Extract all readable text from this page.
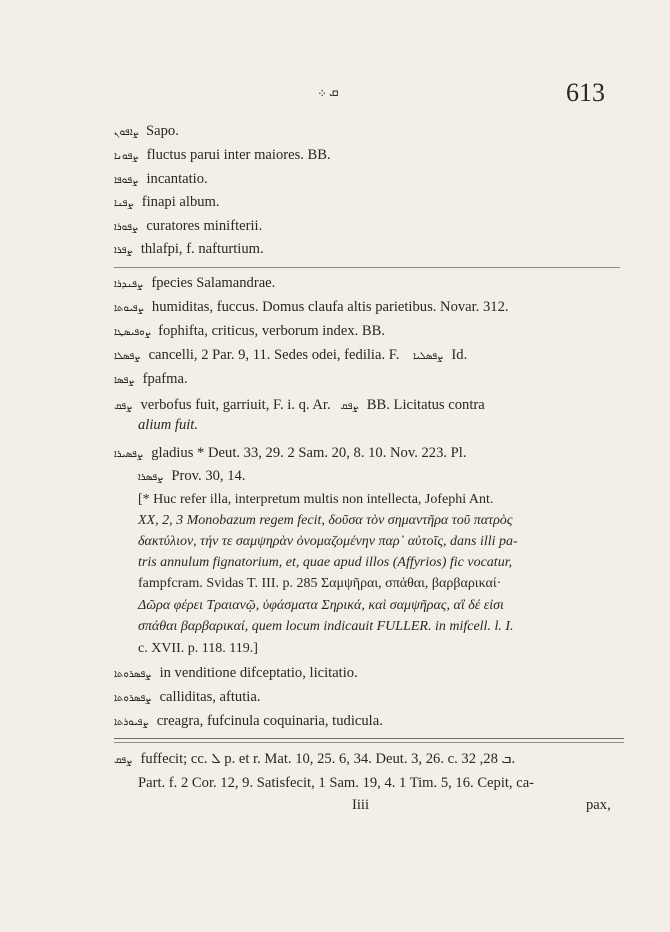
ܩ ܀	613
ܨܐܦܘܢ Sapo.
ܨܦܘܢܐ fluctus parui inter maiores. BB.
ܨܦܘܦܐ incantatio.
ܨܦܢܐ finapi album.
ܨܦܘܪܐ curatores minifterii.
ܨܦܪܐ thlafpi, f. nafturtium.
ܨܦܢܕܪܐ fpecies Salamandrae.
ܨܦܝܘܬܐ humiditas, fuccus. Domus claufa altis parietibus. Novar. 312.
ܨܘܦܝܣܛܐ fophifta, criticus, verborum index. BB.
ܨܦܣܠܐ cancelli, 2 Par. 9, 11. Sedes odei, fedilia. F. ܨܦܣܠܝܐ Id.
ܨܦܣܐ fpafma.
ܨܦܩ verbofus fuit, garriuit, F. i. q. Ar. ܨܦܩ BB. Licitatus contra
alium fuit.
ܨܦܣܝܪܐ gladius * Deut. 33, 29. 2 Sam. 20, 8. 10. Nov. 223. Pl.
ܨܦܣܪܐ Prov. 30, 14.
[* Huc refer illa, interpretum multis non intellecta, Jofephi Ant.
XX, 2, 3 Monobazum regem fecit, δοῦσα τὸν σημαντῆρα τοῦ πατρὸς
δακτύλιον, τήν τε σαμψηρὰν ὀνομαζομένην παρ᾽ αὐτοῖς, dans illi pa-
tris annulum fignatorium, et, quae apud illos (Affyrios) fic vocatur,
fampfcram. Svidas T. III. p. 285 Σαμψῆραι, σπάθαι, βαρβαρικαί·
Δῶρα φέρει Τραιανῷ, ὑφάσματα Σηρικά, καὶ σαμψῆρας, αἳ δέ εἰσι
σπάθαι βαρβαρικαί, quem locum indicauit FULLER. in mifcell. l. I.
c. XVII. p. 118. 119.]
ܨܦܣܪܘܬܐ in venditione difceptatio, licitatio.
ܨܦܣܪܘܬܐ calliditas, aftutia.
ܨܦܝܘܪܬܐ creagra, fufcinula coquinaria, tudicula.
ܨܦܩ fuffecit; cc. ܠ p. et r. Mat. 10, 25. 6, 34. Deut. 3, 26. c. ܒ 28, 32.
Part. f. 2 Cor. 12, 9. Satisfecit, 1 Sam. 19, 4. 1 Tim. 5, 16. Cepit, ca-
Iiii	pax,
